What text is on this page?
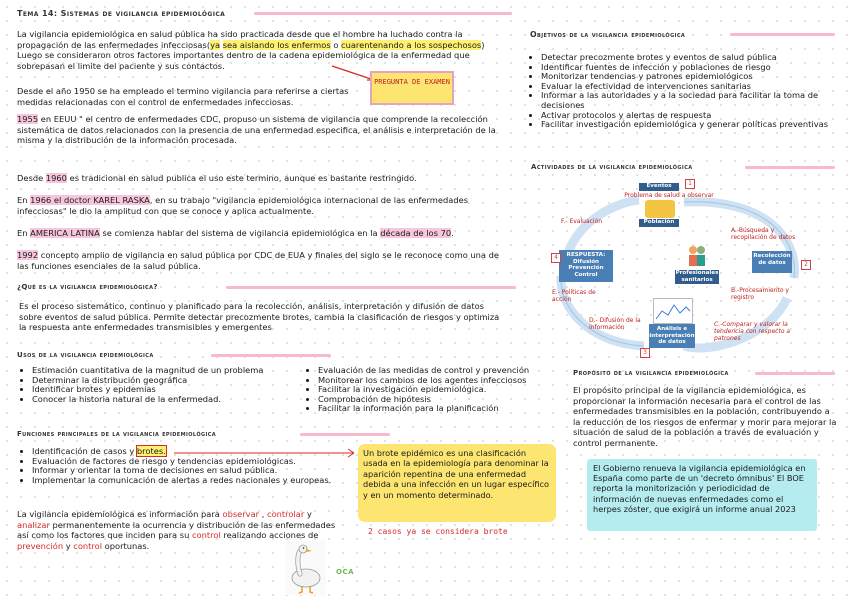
Tema 14: Sistemas de vigilancia epidemiológica
La vigilancia epidemiológica en salud pública ha sido practicada desde que el hombre ha luchado contra la propagación de las enfermedades infecciosas(ya sea aislando los enfermos o cuarentenando a los sospechosos) Luego se consideraron otros factores importantes dentro de la cadena epidemiológica de la enfermedad que sobrepasan el limite del paciente y sus contactos.
PREGUNTA DE EXAMEN
Desde el año 1950 se ha empleado el termino vigilancia para referirse a ciertas medidas relacionadas con el control de enfermedades infecciosas.
1955 en EEUU " el centro de enfermedades CDC, propuso un sistema de vigilancia que comprende la recolección sistemática de datos relacionados con la presencia de una enfermedad especifica, el análisis e interpretación de la misma y la distribución de la información procesada.
Desde 1960 es tradicional en salud publica el uso este termino, aunque es bastante restringido.
En 1966 el doctor KAREL RASKA, en su trabajo "vigilancia epidemiológica internacional de las enfermedades infecciosas" le dio la amplitud con que se conoce y aplica actualmente.
En AMERICA LATINA se comienza hablar del sistema de vigilancia epidemiológica en la década de los 70.
1992 concepto amplio de vigilancia en salud pública por CDC de EUA y finales del siglo se le reconoce como una de las funciones esenciales de la salud pública.
¿Qué es la vigilancia epidemiológica?
Es el proceso sistemático, continuo y planificado para la recolección, análisis, interpretación y difusión de datos sobre eventos de salud pública. Permite detectar precozmente brotes, cambia la clasificación de riesgos y optimiza la respuesta ante enfermedades transmisibles y emergentes
Usos de la vigilancia epidemiológica
• Estimación cuantitativa de la magnitud de un problema
• Determinar la distribución geográfica
• Identificar brotes y epidemias
• Conocer la historia natural de la enfermedad.
• Evaluación de las medidas de control y prevención
• Monitorear los cambios de los agentes infecciosos
• Facilitar la investigación epidemiológica.
• Comprobación de hipótesis
• Facilitar la información para la planificación
Funciones principales de la vigilancia epidemiológica
• Identificación de casos y brotes.
• Evaluación de factores de riesgo y tendencias epidemiológicas.
• Informar y orientar la toma de decisiones en salud pública.
• Implementar la comunicación de alertas a redes nacionales y europeas.
Un brote epidémico es una clasificación usada en la epidemiología para denominar la aparición repentina de una enfermedad debida a una infección en un lugar específico y en un momento determinado.
2 casos ya se considera brote
La vigilancia epidemiológica es información para observar , controlar y analizar permanentemente la ocurrencia y distribución de las enfermedades así como los factores que inciden para su control realizando acciones de prevención y control oportunas.
OCA
Objetivos de la vigilancia epidemiológica
• Detectar precozmente brotes y eventos de salud pública
• Identificar fuentes de infección y poblaciones de riesgo
• Monitorizar tendencias y patrones epidemiológicos
• Evaluar la efectividad de intervenciones sanitarias
• Informar a las autoridades y a la sociedad para facilitar la toma de decisiones
• Activar protocolos y alertas de respuesta
• Facilitar investigación epidemiológica y generar políticas preventivas
Actividades de la vigilancia epidemiológica
Eventos
Problema de salud a observar
Población
A.-Búsqueda y recopilación de datos
Recolección de datos	2
B.-Procesamiento y registro
C.-Comparar y valorar la tendencia con respecto a patrones
Análisis e interpretación de datos
3
D.- Difusión de la información
E.- Políticas de acción
RESPUESTA: Difusión Prevención Control
4
Profesionales sanitarios
F.- Evaluación
1
Propósito de la vigilancia epidemiológica
El propósito principal de la vigilancia epidemiológica, es proporcionar la información necesaria para el control de las enfermedades transmisibles en la población, contribuyendo a la reducción de los riesgos de enfermar y morir para mejorar la situación de salud de la población a través de evaluación y control permanente.
El Gobierno renueva la vigilancia epidemiológica en España como parte de un 'decreto ómnibus' El BOE reporta la monitorización y periodicidad de información de nuevas enfermedades como el herpes zóster, que exigirá un informe anual 2023
